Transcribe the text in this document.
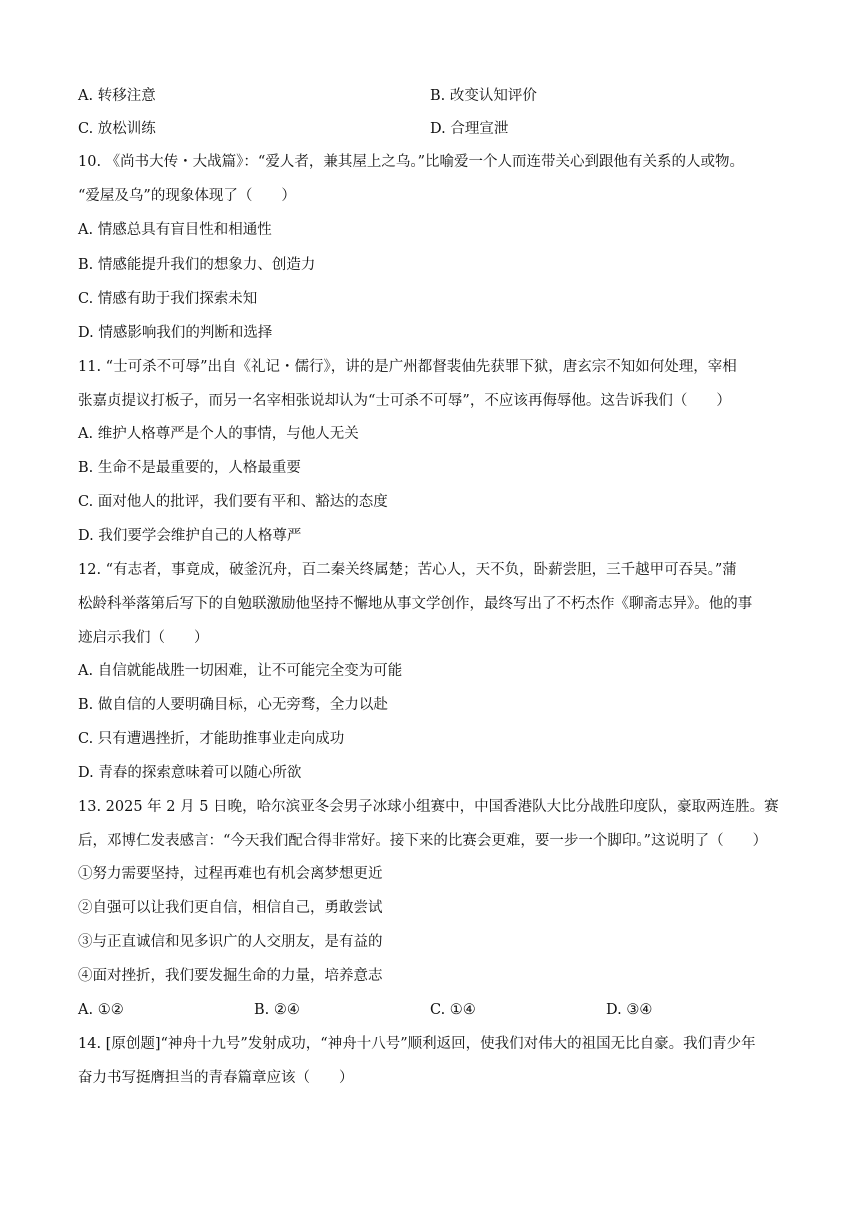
A. 转移注意	B. 改变认知评价
C. 放松训练	D. 合理宣泄
10. 《尚书大传・大战篇》：“爱人者，兼其屋上之乌。”比喻爱一个人而连带关心到跟他有关系的人或物。
“爱屋及乌”的现象体现了（　　）
A. 情感总具有盲目性和相通性
B. 情感能提升我们的想象力、创造力
C. 情感有助于我们探索未知
D. 情感影响我们的判断和选择
11. “士可杀不可辱”出自《礼记・儒行》，讲的是广州都督裴伷先获罪下狱，唐玄宗不知如何处理，宰相
张嘉贞提议打板子，而另一名宰相张说却认为“士可杀不可辱”，不应该再侮辱他。这告诉我们（　　）
A. 维护人格尊严是个人的事情，与他人无关
B. 生命不是最重要的，人格最重要
C. 面对他人的批评，我们要有平和、豁达的态度
D. 我们要学会维护自己的人格尊严
12. “有志者，事竟成，破釜沉舟，百二秦关终属楚；苦心人，天不负，卧薪尝胆，三千越甲可吞吴。”蒲
松龄科举落第后写下的自勉联激励他坚持不懈地从事文学创作，最终写出了不朽杰作《聊斋志异》。他的事
迹启示我们（　　）
A. 自信就能战胜一切困难，让不可能完全变为可能
B. 做自信的人要明确目标，心无旁骛，全力以赴
C. 只有遭遇挫折，才能助推事业走向成功
D. 青春的探索意味着可以随心所欲
13. 2025 年 2 月 5 日晚，哈尔滨亚冬会男子冰球小组赛中，中国香港队大比分战胜印度队，豪取两连胜。赛
后，邓博仁发表感言：“今天我们配合得非常好。接下来的比赛会更难，要一步一个脚印。”这说明了（　　）
①努力需要坚持，过程再难也有机会离梦想更近
②自强可以让我们更自信，相信自己，勇敢尝试
③与正直诚信和见多识广的人交朋友，是有益的
④面对挫折，我们要发掘生命的力量，培养意志
A. ①②	B. ②④	C. ①④	D. ③④
14. [原创题]“神舟十九号”发射成功，“神舟十八号”顺利返回，使我们对伟大的祖国无比自豪。我们青少年
奋力书写挺膺担当的青春篇章应该（　　）
